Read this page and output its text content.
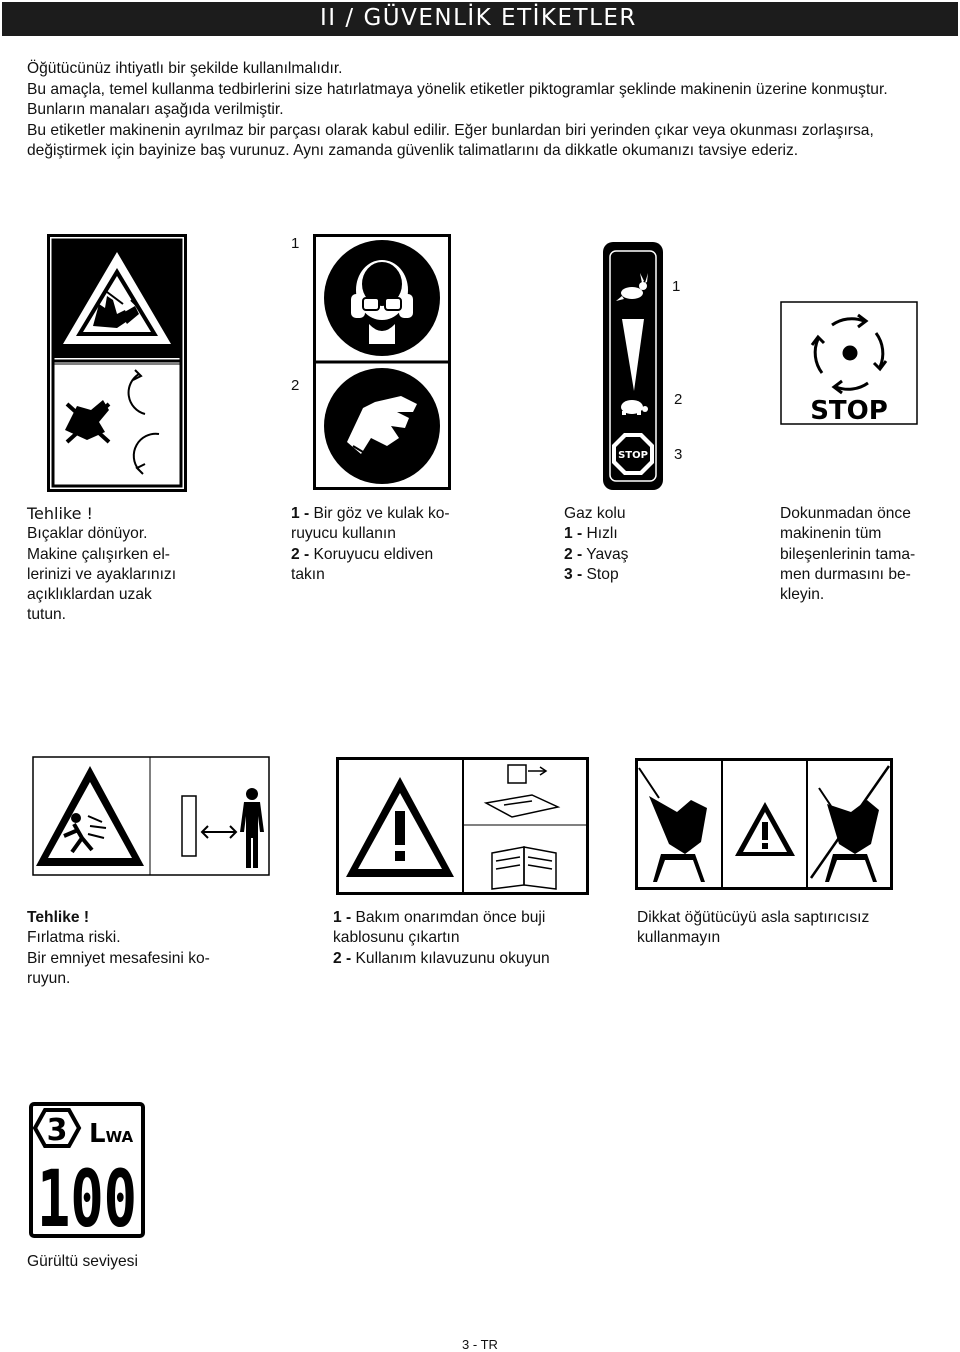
II / GÜVENLİK ETİKETLER

Öğütücünüz ihtiyatlı bir şekilde kullanılmalıdır.

Bu amaçla, temel kullanma tedbirlerini size hatırlatmaya yönelik etiketler piktogramlar şeklinde makinenin üzerine konmuştur. Bunların manaları aşağıda verilmiştir.

Bu etiketler makinenin ayrılmaz bir parçası olarak kabul edilir. Eğer bunlardan biri yerinden çıkar veya okunması zorlaşırsa, değiştirmek için bayinize baş vurunuz. Aynı zamanda güvenlik talimatlarını da dikkatle okumanızı tavsiye ederiz.

1
2
1
2
3
STOP
STOP

Tehlike !

Bıçaklar dönüyor.

Makine çalışırken el-

lerinizi ve ayaklarınızı

açıklıklardan uzak

tutun.

1 - Bir göz ve kulak ko-

ruyucu kullanın

2 - Koruyucu eldiven

takın

Gaz kolu

1 - Hızlı

2 - Yavaş

3 - Stop

Dokunmadan önce

makinenin tüm

bileşenlerinin tama-

men durmasını be-

kleyin.

Tehlike !

Fırlatma riski.

Bir emniyet mesafesini ko-

ruyun.

1 - Bakım onarımdan önce buji

kablosunu çıkartın

2 - Kullanım kılavuzunu okuyun

Dikkat öğütücüyü asla saptırıcısız

kullanmayın

3 LWA
100
Gürültü seviyesi
3 - TR
